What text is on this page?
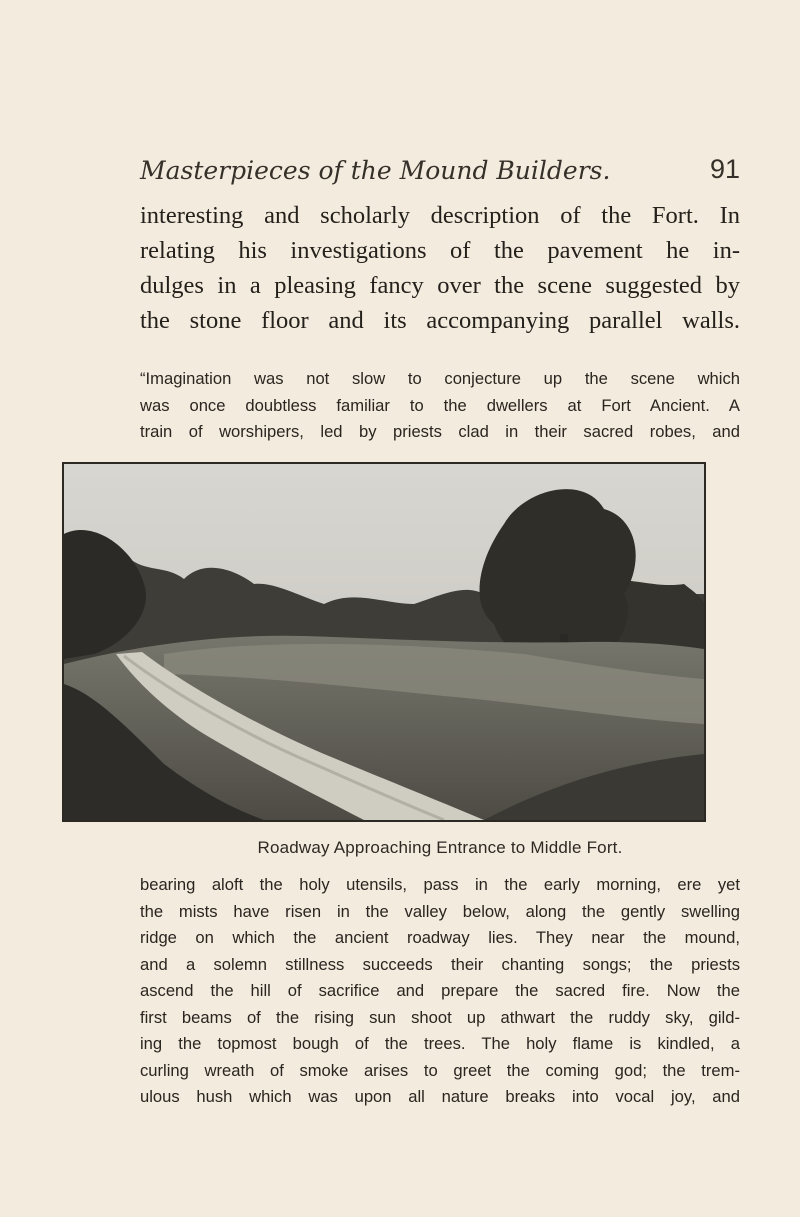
Masterpieces of the Mound Builders.	91
interesting and scholarly description of the Fort. In
relating his investigations of the pavement he in-
dulges in a pleasing fancy over the scene suggested by
the stone floor and its accompanying parallel walls.
“Imagination was not slow to conjecture up the scene which
was once doubtless familiar to the dwellers at Fort Ancient. A
train of worshipers, led by priests clad in their sacred robes, and
Roadway Approaching Entrance to Middle Fort.
bearing aloft the holy utensils, pass in the early morning, ere yet
the mists have risen in the valley below, along the gently swelling
ridge on which the ancient roadway lies. They near the mound,
and a solemn stillness succeeds their chanting songs; the priests
ascend the hill of sacrifice and prepare the sacred fire. Now the
first beams of the rising sun shoot up athwart the ruddy sky, gild-
ing the topmost bough of the trees. The holy flame is kindled, a
curling wreath of smoke arises to greet the coming god; the trem-
ulous hush which was upon all nature breaks into vocal joy, and
